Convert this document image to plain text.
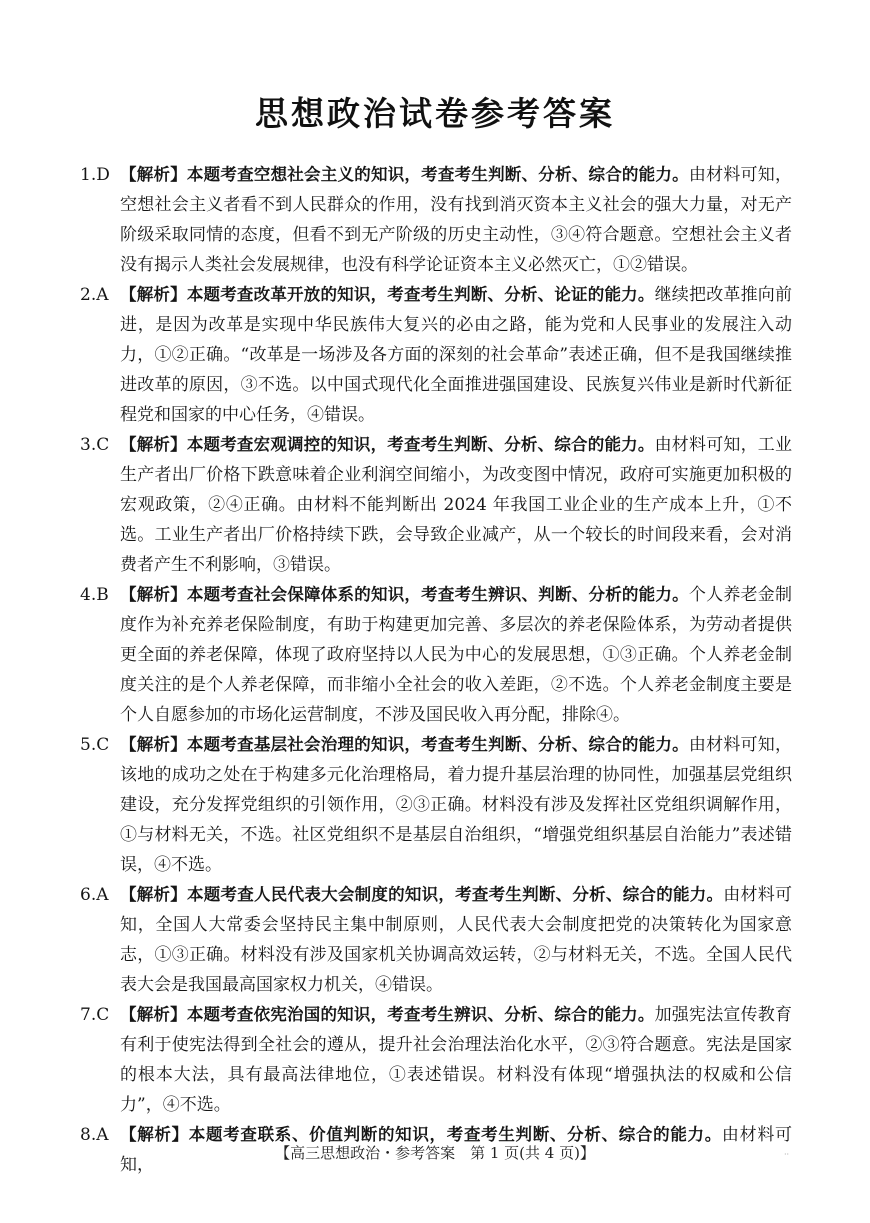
思想政治试卷参考答案
1.D 【解析】本题考查空想社会主义的知识，考查考生判断、分析、综合的能力。由材料可知，空想社会主义者看不到人民群众的作用，没有找到消灭资本主义社会的强大力量，对无产阶级采取同情的态度，但看不到无产阶级的历史主动性，③④符合题意。空想社会主义者没有揭示人类社会发展规律，也没有科学论证资本主义必然灭亡，①②错误。
2.A 【解析】本题考查改革开放的知识，考查考生判断、分析、论证的能力。继续把改革推向前进，是因为改革是实现中华民族伟大复兴的必由之路，能为党和人民事业的发展注入动力，①②正确。“改革是一场涉及各方面的深刻的社会革命”表述正确，但不是我国继续推进改革的原因，③不选。以中国式现代化全面推进强国建设、民族复兴伟业是新时代新征程党和国家的中心任务，④错误。
3.C 【解析】本题考查宏观调控的知识，考查考生判断、分析、综合的能力。由材料可知，工业生产者出厂价格下跌意味着企业利润空间缩小，为改变图中情况，政府可实施更加积极的宏观政策，②④正确。由材料不能判断出 2024 年我国工业企业的生产成本上升，①不选。工业生产者出厂价格持续下跌，会导致企业减产，从一个较长的时间段来看，会对消费者产生不利影响，③错误。
4.B 【解析】本题考查社会保障体系的知识，考查考生辨识、判断、分析的能力。个人养老金制度作为补充养老保险制度，有助于构建更加完善、多层次的养老保险体系，为劳动者提供更全面的养老保障，体现了政府坚持以人民为中心的发展思想，①③正确。个人养老金制度关注的是个人养老保障，而非缩小全社会的收入差距，②不选。个人养老金制度主要是个人自愿参加的市场化运营制度，不涉及国民收入再分配，排除④。
5.C 【解析】本题考查基层社会治理的知识，考查考生判断、分析、综合的能力。由材料可知，该地的成功之处在于构建多元化治理格局，着力提升基层治理的协同性，加强基层党组织建设，充分发挥党组织的引领作用，②③正确。材料没有涉及发挥社区党组织调解作用，①与材料无关，不选。社区党组织不是基层自治组织，“增强党组织基层自治能力”表述错误，④不选。
6.A 【解析】本题考查人民代表大会制度的知识，考查考生判断、分析、综合的能力。由材料可知，全国人大常委会坚持民主集中制原则，人民代表大会制度把党的决策转化为国家意志，①③正确。材料没有涉及国家机关协调高效运转，②与材料无关，不选。全国人民代表大会是我国最高国家权力机关，④错误。
7.C 【解析】本题考查依宪治国的知识，考查考生辨识、分析、综合的能力。加强宪法宣传教育有利于使宪法得到全社会的遵从，提升社会治理法治化水平，②③符合题意。宪法是国家的根本大法，具有最高法律地位，①表述错误。材料没有体现“增强执法的权威和公信力”，④不选。
8.A 【解析】本题考查联系、价值判断的知识，考查考生判断、分析、综合的能力。由材料可知，
【高三思想政治・参考答案　第 1 页(共 4 页)】	··
